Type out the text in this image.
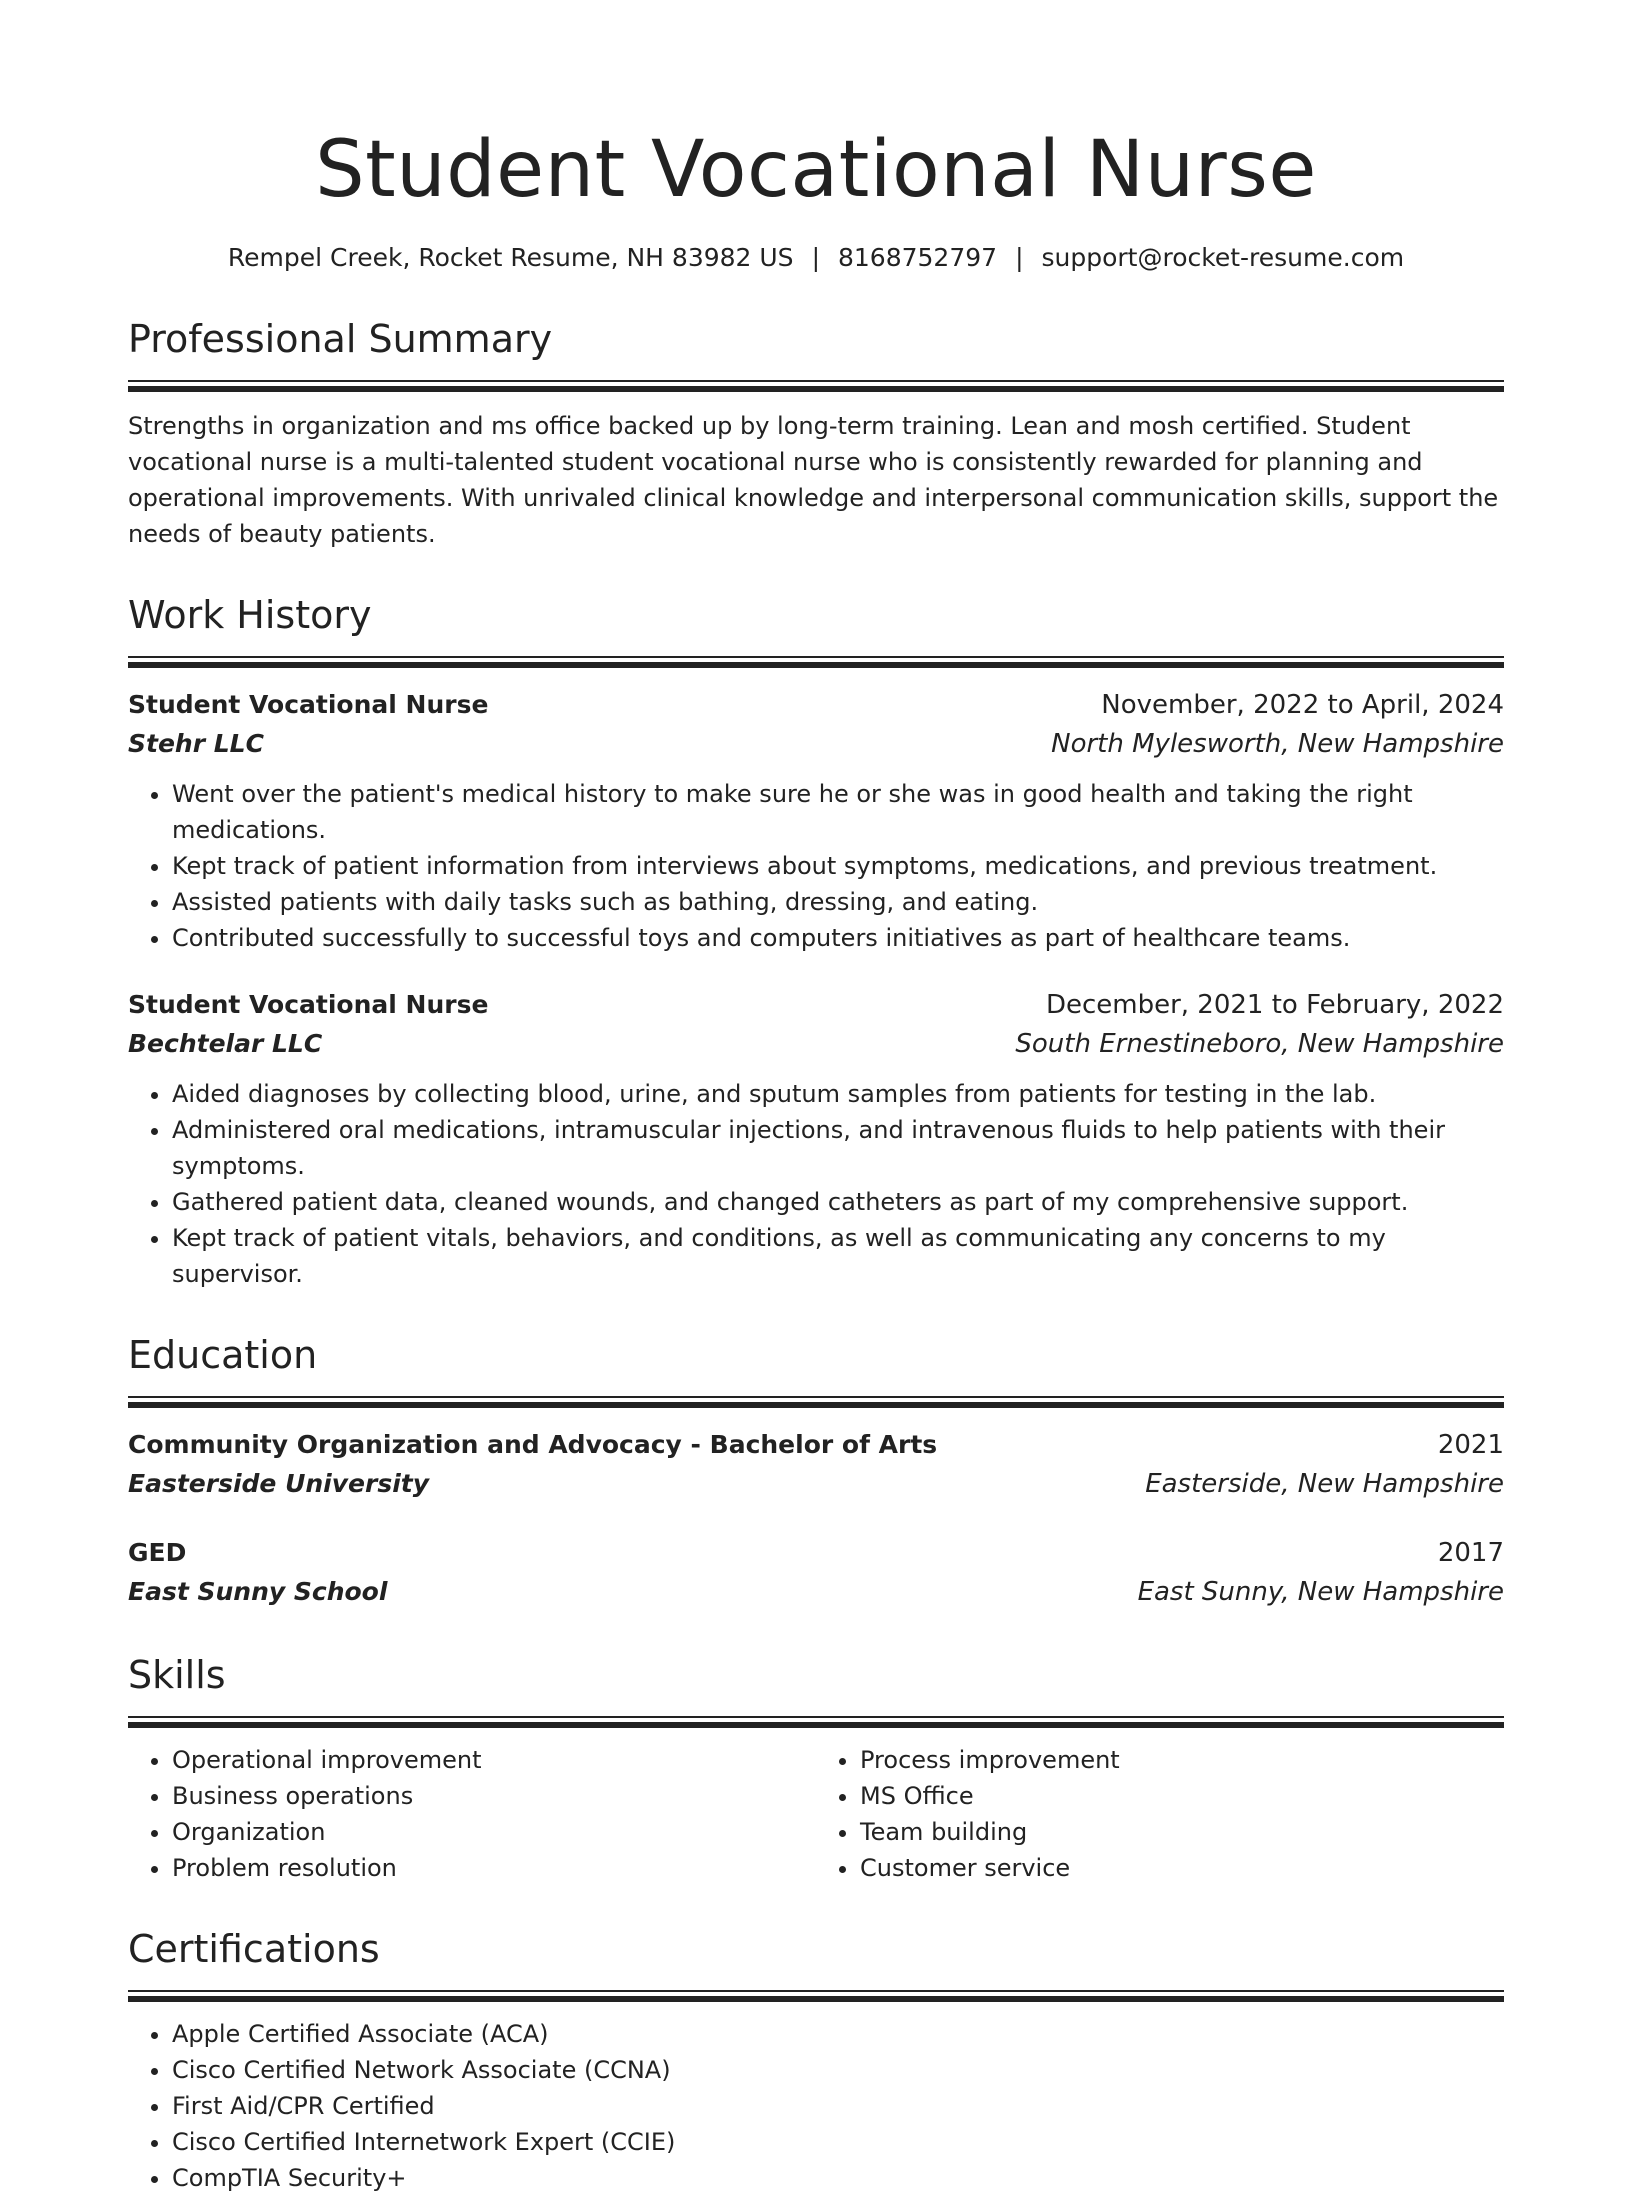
Student Vocational Nurse
Rempel Creek, Rocket Resume, NH 83982 US | 8168752797 | support@rocket-resume.com
Professional Summary
Strengths in organization and ms office backed up by long-term training. Lean and mosh certified. Student vocational nurse is a multi-talented student vocational nurse who is consistently rewarded for planning and operational improvements. With unrivaled clinical knowledge and interpersonal communication skills, support the needs of beauty patients.
Work History
Student Vocational Nurse	November, 2022 to April, 2024
Stehr LLC	North Mylesworth, New Hampshire
• Went over the patient's medical history to make sure he or she was in good health and taking the right medications.
• Kept track of patient information from interviews about symptoms, medications, and previous treatment.
• Assisted patients with daily tasks such as bathing, dressing, and eating.
• Contributed successfully to successful toys and computers initiatives as part of healthcare teams.
Student Vocational Nurse	December, 2021 to February, 2022
Bechtelar LLC	South Ernestineboro, New Hampshire
• Aided diagnoses by collecting blood, urine, and sputum samples from patients for testing in the lab.
• Administered oral medications, intramuscular injections, and intravenous fluids to help patients with their symptoms.
• Gathered patient data, cleaned wounds, and changed catheters as part of my comprehensive support.
• Kept track of patient vitals, behaviors, and conditions, as well as communicating any concerns to my supervisor.
Education
Community Organization and Advocacy - Bachelor of Arts	2021
Easterside University	Easterside, New Hampshire
GED	2017
East Sunny School	East Sunny, New Hampshire
Skills
• Operational improvement
• Business operations
• Organization
• Problem resolution
• Process improvement
• MS Office
• Team building
• Customer service
Certifications
• Apple Certified Associate (ACA)
• Cisco Certified Network Associate (CCNA)
• First Aid/CPR Certified
• Cisco Certified Internetwork Expert (CCIE)
• CompTIA Security+
